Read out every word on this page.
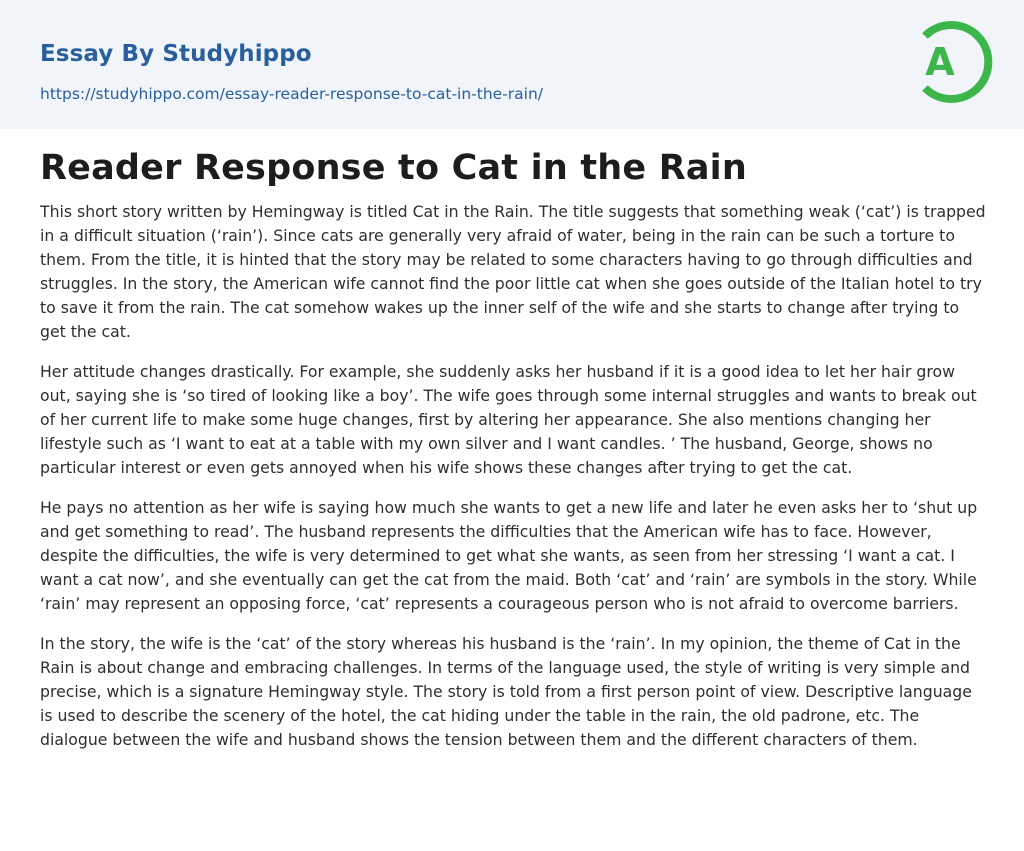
Essay By Studyhippo
https://studyhippo.com/essay-reader-response-to-cat-in-the-rain/
A
Reader Response to Cat in the Rain

This short story written by Hemingway is titled Cat in the Rain. The title suggests that something weak (‘cat’) is trapped in a difficult situation (‘rain’). Since cats are generally very afraid of water, being in the rain can be such a torture to them. From the title, it is hinted that the story may be related to some characters having to go through difficulties and struggles. In the story, the American wife cannot find the poor little cat when she goes outside of the Italian hotel to try to save it from the rain. The cat somehow wakes up the inner self of the wife and she starts to change after trying to get the cat.

Her attitude changes drastically. For example, she suddenly asks her husband if it is a good idea to let her hair grow out, saying she is ‘so tired of looking like a boy’. The wife goes through some internal struggles and wants to break out of her current life to make some huge changes, first by altering her appearance. She also mentions changing her lifestyle such as ‘I want to eat at a table with my own silver and I want candles. ’ The husband, George, shows no particular interest or even gets annoyed when his wife shows these changes after trying to get the cat.

He pays no attention as her wife is saying how much she wants to get a new life and later he even asks her to ‘shut up and get something to read’. The husband represents the difficulties that the American wife has to face. However, despite the difficulties, the wife is very determined to get what she wants, as seen from her stressing ‘I want a cat. I want a cat now’, and she eventually can get the cat from the maid. Both ‘cat’ and ‘rain’ are symbols in the story. While ‘rain’ may represent an opposing force, ‘cat’ represents a courageous person who is not afraid to overcome barriers.

In the story, the wife is the ‘cat’ of the story whereas his husband is the ‘rain’. In my opinion, the theme of Cat in the Rain is about change and embracing challenges. In terms of the language used, the style of writing is very simple and precise, which is a signature Hemingway style. The story is told from a first person point of view. Descriptive language is used to describe the scenery of the hotel, the cat hiding under the table in the rain, the old padrone, etc. The dialogue between the wife and husband shows the tension between them and the different characters of them.
